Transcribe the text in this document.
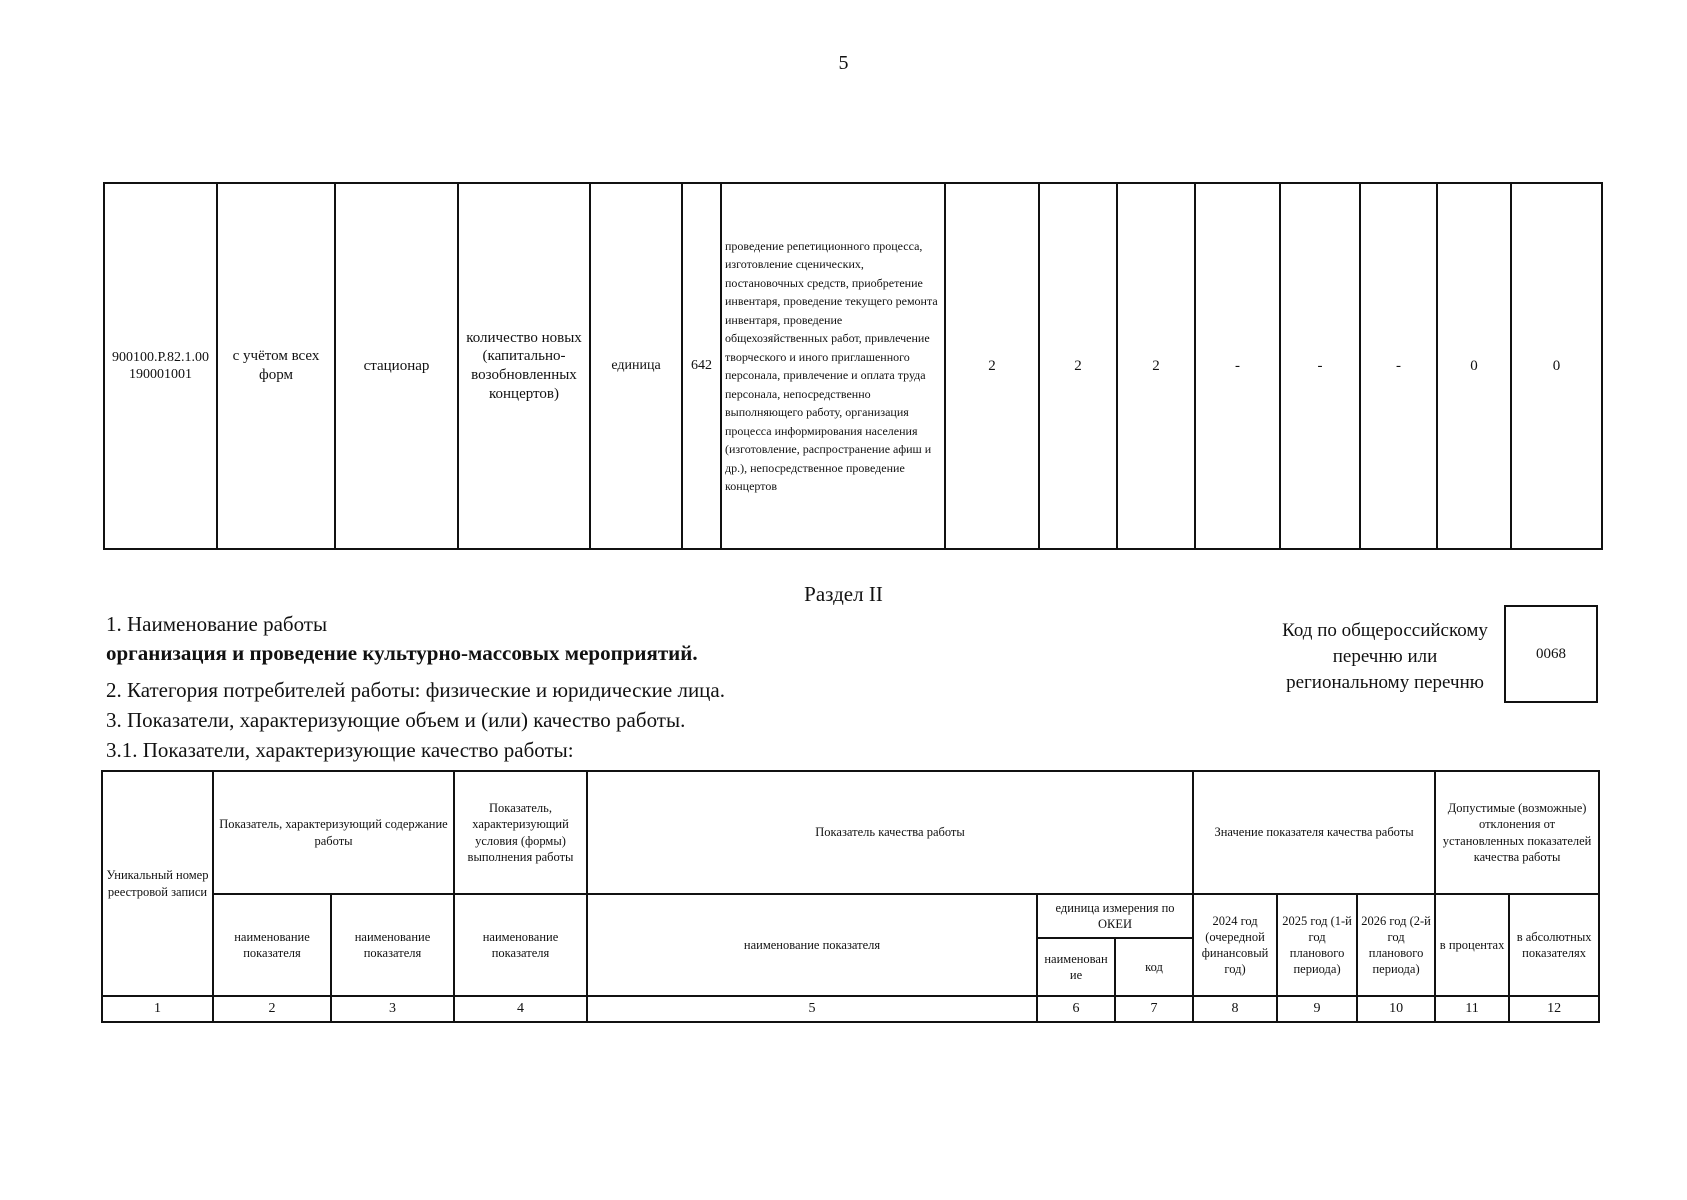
5
900100.Р.82.1.00 190001001	с учётом всех форм	стационар	количество новых (капитально-возобновленных концертов)	единица	642	проведение репетиционного процесса, изготовление сценических, постановочных средств, приобретение инвентаря, проведение текущего ремонта инвентаря, проведение общехозяйственных работ, привлечение творческого и иного приглашенного персонала, привлечение и оплата труда персонала, непосредственно выполняющего работу, организация процесса информирования населения (изготовление, распространение афиш и др.), непосредственное проведение концертов	2	2	2	-	-	-	0	0
Раздел II
1. Наименование работы
организация и проведение культурно-массовых мероприятий.
2. Категория потребителей работы: физические и юридические лица.
3. Показатели, характеризующие объем и (или) качество работы.
3.1. Показатели, характеризующие качество работы:
Код по общероссийскому перечню или региональному перечню
0068
Уникальный номер реестровой записи	Показатель, характеризующий содержание работы		Показатель, характеризующий условия (формы) выполнения работы	Показатель качества работы			Значение показателя качества работы			Допустимые (возможные) отклонения от установленных показателей качества работы	
	наименование показателя	наименование показателя	наименование показателя	наименование показателя	единица измерения по ОКЕИ		2024 год (очередной финансовый год)	2025 год (1-й год планового периода)	2026 год (2-й год планового периода)	в процентах	в абсолютных показателях
					наименован ие	код					
1	2	3	4	5	6	7	8	9	10	11	12
